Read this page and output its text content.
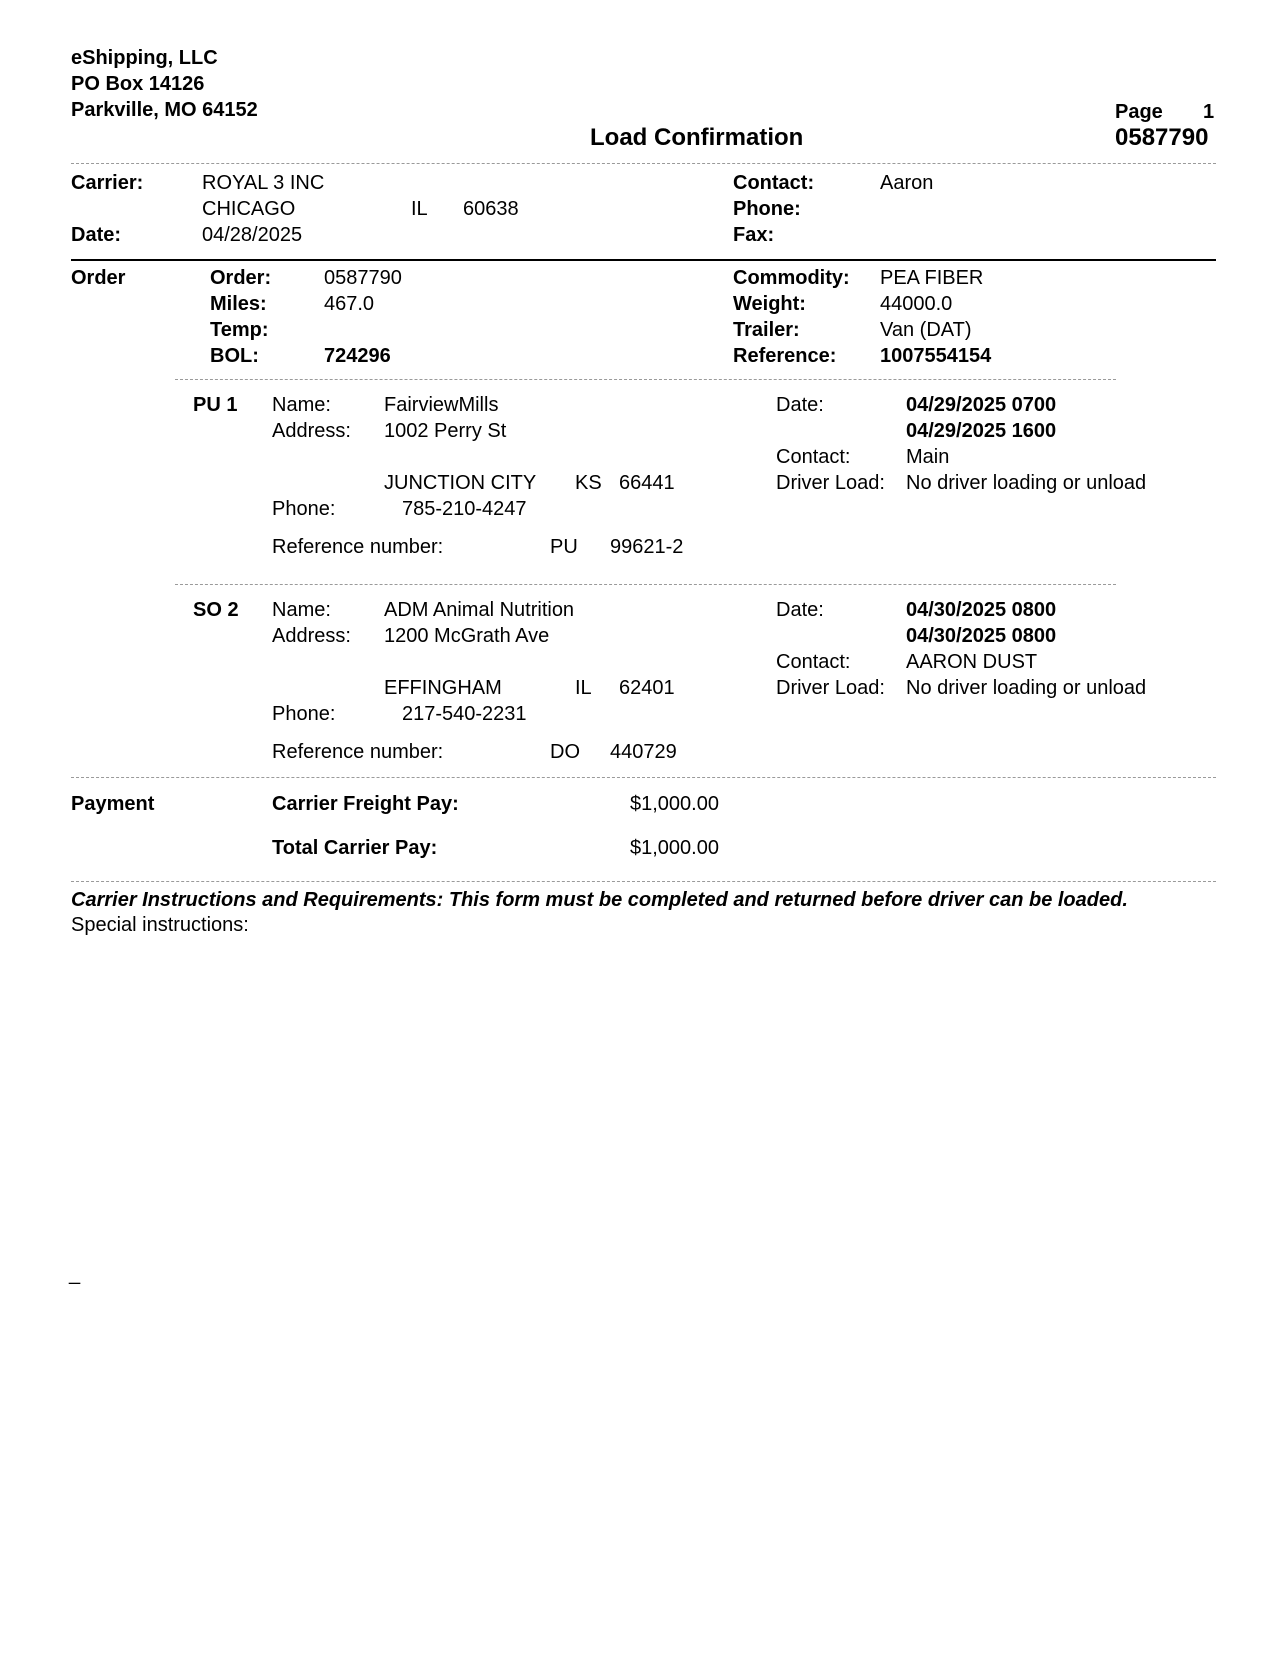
eShipping, LLC
PO Box 14126
Parkville, MO 64152
Load Confirmation
Page 1
0587790
Carrier:	ROYAL 3 INC
CHICAGO	IL 60638
Date:	04/28/2025
Contact:	Aaron
Phone:
Fax:
Order	Order:	0587790
Miles:	467.0
Temp:
BOL:	724296
Commodity: PEA FIBER
Weight:	44000.0
Trailer:	Van (DAT)
Reference: 1007554154
PU 1 Name:	FairviewMills
Address: 1002 Perry St
JUNCTION CITY KS 66441
Phone:	785-210-4247
Reference number:	PU 99621-2
Date:	04/29/2025 0700
04/29/2025 1600
Contact:	Main
Driver Load: No driver loading or unload
SO 2 Name:	ADM Animal Nutrition
Address: 1200 McGrath Ave
EFFINGHAM	IL 62401
Phone:	217-540-2231
Reference number:	DO 440729
Date:	04/30/2025 0800
04/30/2025 0800
Contact:	AARON DUST
Driver Load: No driver loading or unload
Payment	Carrier Freight Pay:	$1,000.00
Total Carrier Pay:	$1,000.00
Carrier Instructions and Requirements: This form must be completed and returned before driver can be loaded.
Special instructions:
_
